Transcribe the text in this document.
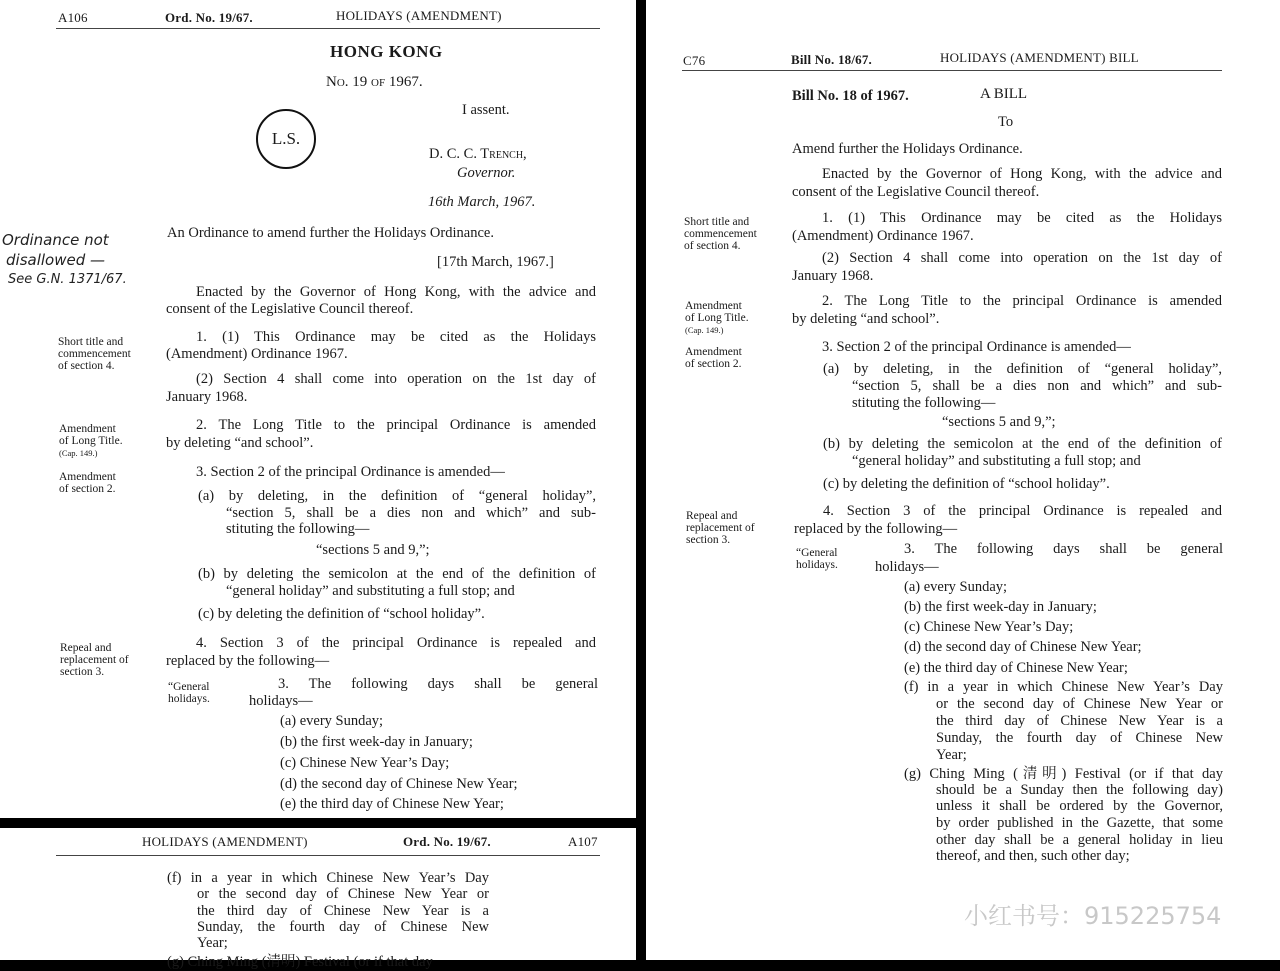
A106	Ord. No. 19/67.	HOLIDAYS (AMENDMENT)
HONG KONG
No. 19 of 1967.
I assent.
L.S.
D. C. C. Trench,
Governor.
16th March, 1967.
Ordinance not
disallowed —
See G.N. 1371/67.
An Ordinance to amend further the Holidays Ordinance.
[17th March, 1967.]
Enacted by the Governor of Hong Kong, with the advice and
consent of the Legislative Council thereof.
Short title and
commencement
of section 4.
1. (1) This Ordinance may be cited as the Holidays
(Amendment) Ordinance 1967.
(2) Section 4 shall come into operation on the 1st day of
January 1968.
Amendment
of Long Title.
(Cap. 149.)
2. The Long Title to the principal Ordinance is amended
by deleting “and school”.
Amendment
of section 2.
3. Section 2 of the principal Ordinance is amended—
(a) by deleting, in the definition of “general holiday”,
“section 5, shall be a dies non and which” and sub-
stituting the following—
“sections 5 and 9,”;
(b) by deleting the semicolon at the end of the definition of
“general holiday” and substituting a full stop; and
(c) by deleting the definition of “school holiday”.
Repeal and
replacement of
section 3.
4. Section 3 of the principal Ordinance is repealed and
replaced by the following—
“General
holidays.
3. The following days shall be general
holidays—
(a) every Sunday;
(b) the first week-day in January;
(c) Chinese New Year’s Day;
(d) the second day of Chinese New Year;
(e) the third day of Chinese New Year;
HOLIDAYS (AMENDMENT)	Ord. No. 19/67.	A107
(f) in a year in which Chinese New Year’s Day
or the second day of Chinese New Year or
the third day of Chinese New Year is a
Sunday, the fourth day of Chinese New
Year;
(g) Ching Ming (清明) Festival (or if that day
C76	Bill No. 18/67.	HOLIDAYS (AMENDMENT) BILL
Bill No. 18 of 1967.	A BILL
To
Amend further the Holidays Ordinance.
Enacted by the Governor of Hong Kong, with the advice and
consent of the Legislative Council thereof.
Short title and
commencement
of section 4.
1. (1) This Ordinance may be cited as the Holidays
(Amendment) Ordinance 1967.
(2) Section 4 shall come into operation on the 1st day of
January 1968.
Amendment
of Long Title.
(Cap. 149.)
2. The Long Title to the principal Ordinance is amended
by deleting “and school”.
Amendment
of section 2.
3. Section 2 of the principal Ordinance is amended—
(a) by deleting, in the definition of “general holiday”,
“section 5, shall be a dies non and which” and sub-
stituting the following—
“sections 5 and 9,”;
(b) by deleting the semicolon at the end of the definition of
“general holiday” and substituting a full stop; and
(c) by deleting the definition of “school holiday”.
Repeal and
replacement of
section 3.
4. Section 3 of the principal Ordinance is repealed and
replaced by the following—
“General
holidays.
3. The following days shall be general
holidays—
(a) every Sunday;
(b) the first week-day in January;
(c) Chinese New Year’s Day;
(d) the second day of Chinese New Year;
(e) the third day of Chinese New Year;
(f) in a year in which Chinese New Year’s Day
or the second day of Chinese New Year or
the third day of Chinese New Year is a
Sunday, the fourth day of Chinese New
Year;
(g) Ching Ming (清明) Festival (or if that day
should be a Sunday then the following day)
unless it shall be ordered by the Governor,
by order published in the Gazette, that some
other day shall be a general holiday in lieu
thereof, and then, such other day;
小红书号：915225754
